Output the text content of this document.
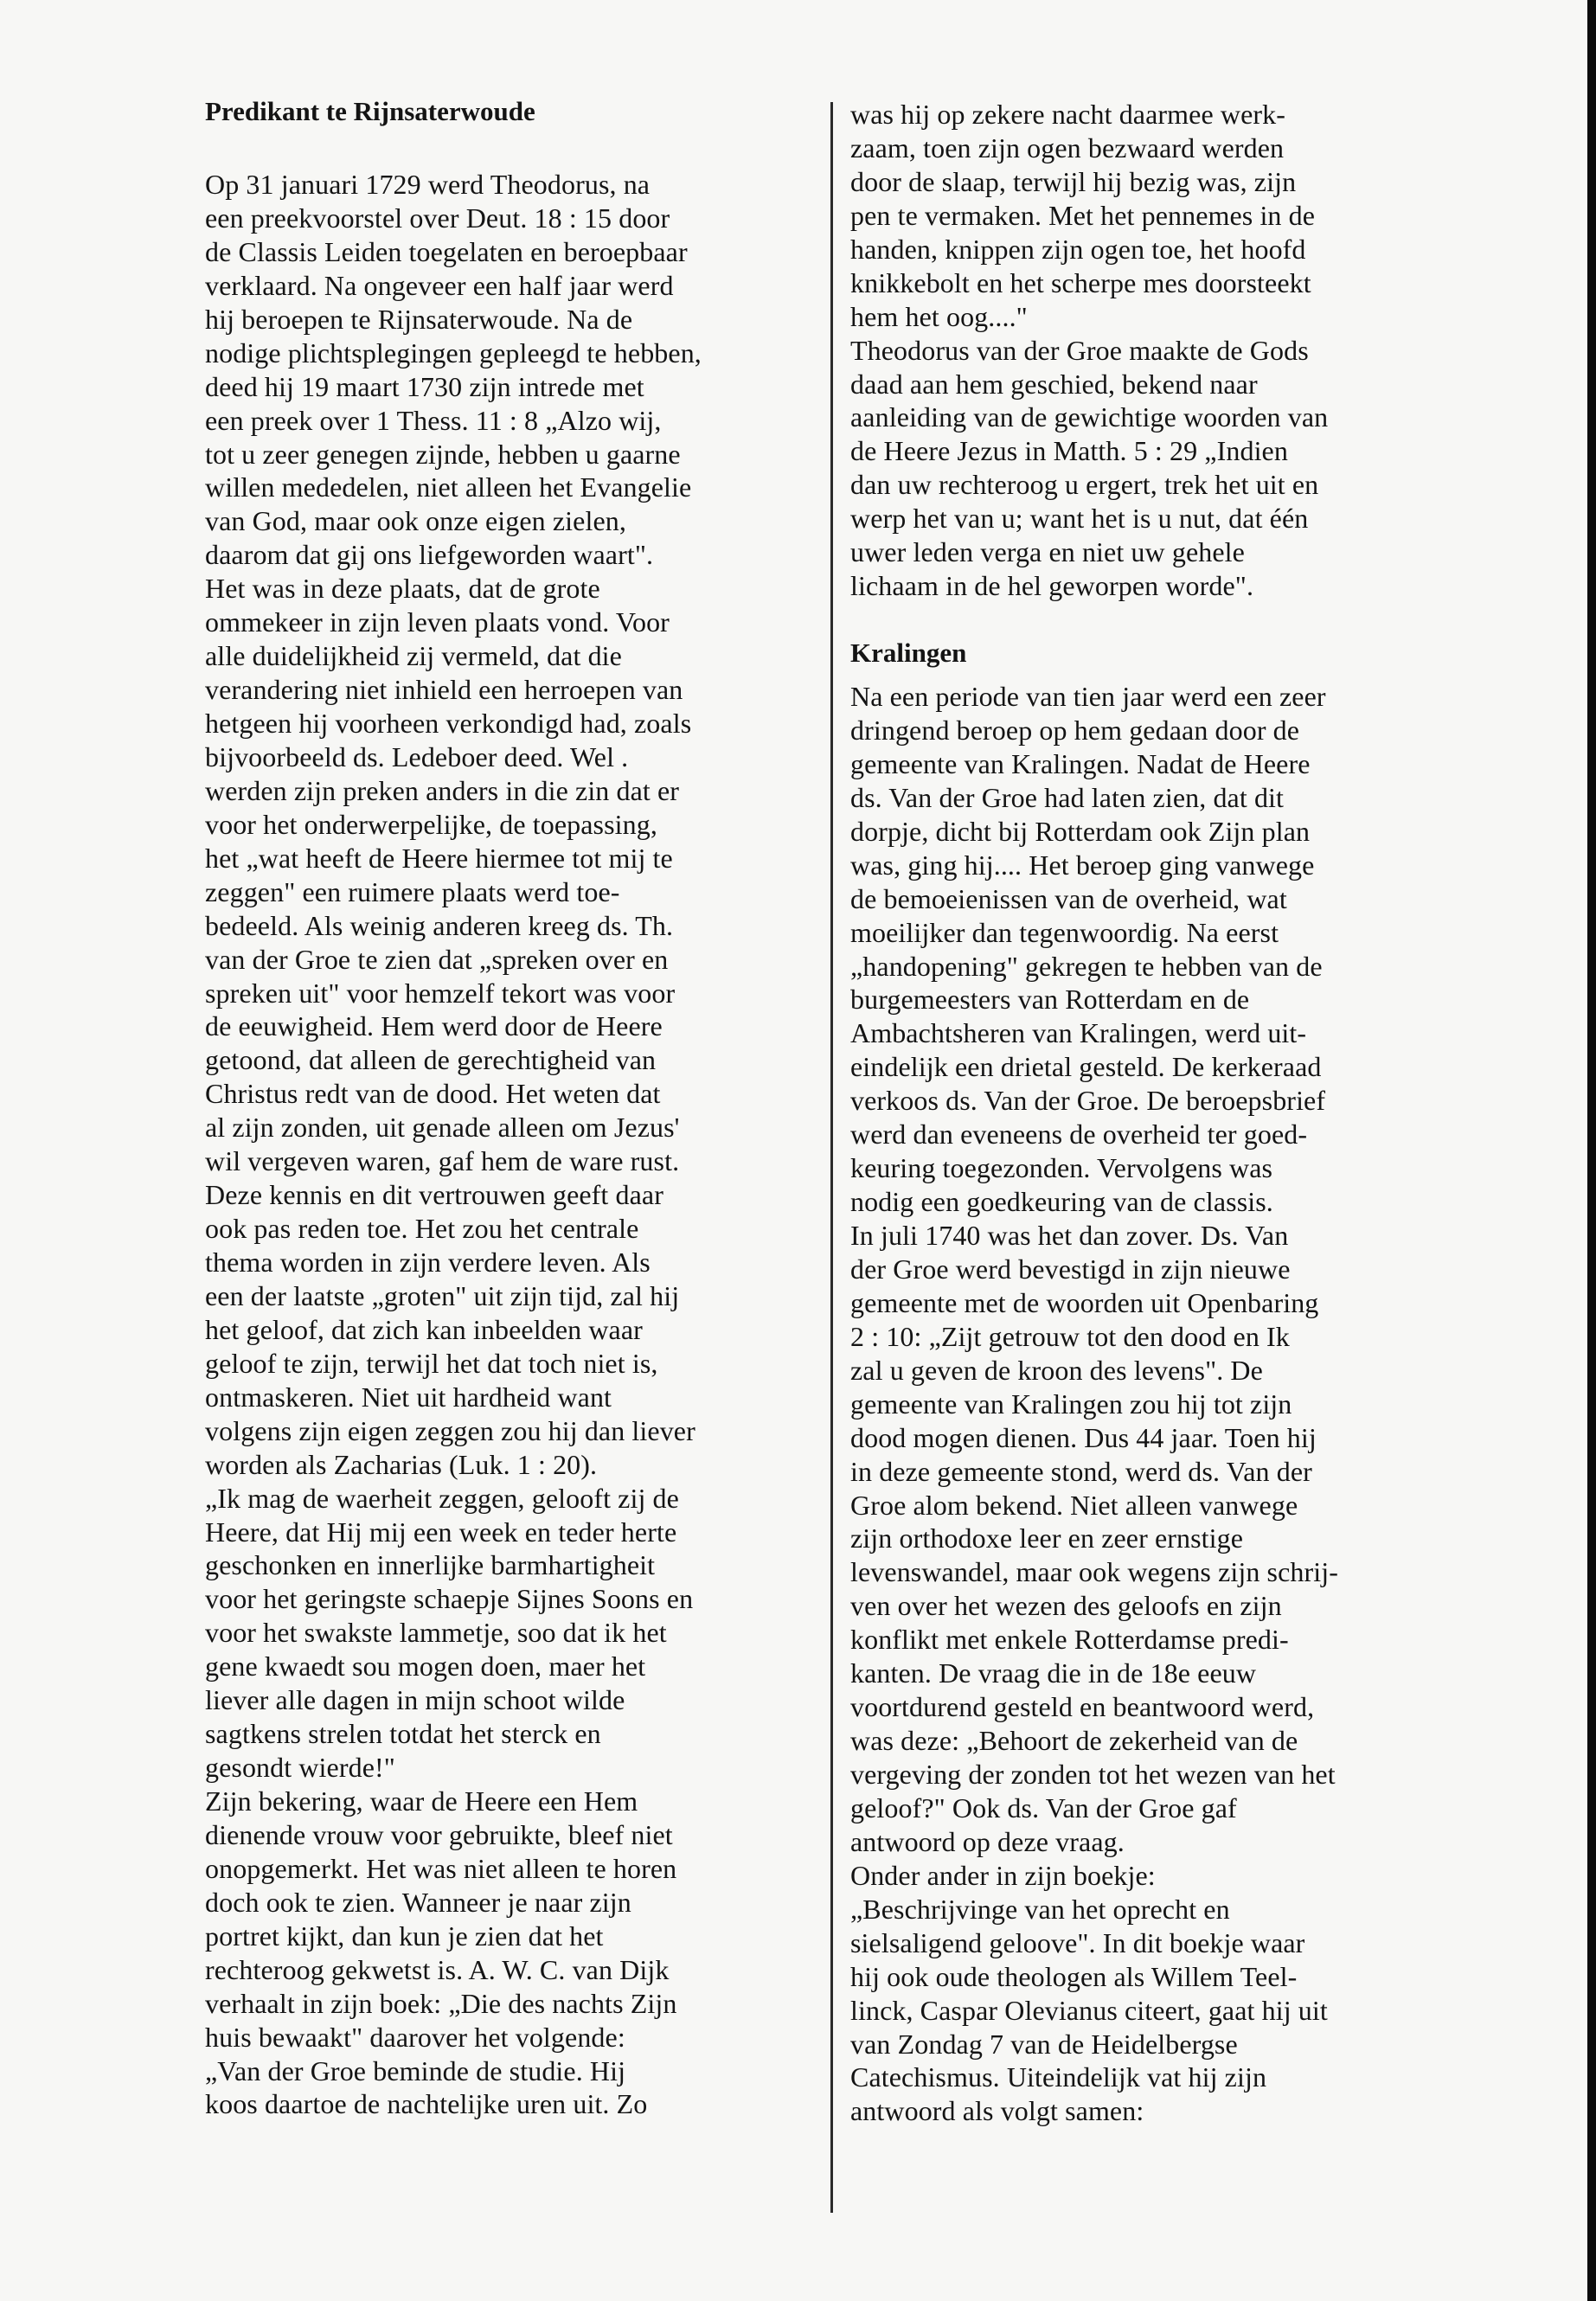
Predikant te Rijnsaterwoude
Op 31 januari 1729 werd Theodorus, na
een preekvoorstel over Deut. 18 : 15 door
de Classis Leiden toegelaten en beroepbaar
verklaard. Na ongeveer een half jaar werd
hij beroepen te Rijnsaterwoude. Na de
nodige plichtsplegingen gepleegd te hebben,
deed hij 19 maart 1730 zijn intrede met
een preek over 1 Thess. 11 : 8 „Alzo wij,
tot u zeer genegen zijnde, hebben u gaarne
willen mededelen, niet alleen het Evangelie
van God, maar ook onze eigen zielen,
daarom dat gij ons liefgeworden waart".
Het was in deze plaats, dat de grote
ommekeer in zijn leven plaats vond. Voor
alle duidelijkheid zij vermeld, dat die
verandering niet inhield een herroepen van
hetgeen hij voorheen verkondigd had, zoals
bijvoorbeeld ds. Ledeboer deed. Wel .
werden zijn preken anders in die zin dat er
voor het onderwerpelijke, de toepassing,
het „wat heeft de Heere hiermee tot mij te
zeggen" een ruimere plaats werd toe-
bedeeld. Als weinig anderen kreeg ds. Th.
van der Groe te zien dat „spreken over en
spreken uit" voor hemzelf tekort was voor
de eeuwigheid. Hem werd door de Heere
getoond, dat alleen de gerechtigheid van
Christus redt van de dood. Het weten dat
al zijn zonden, uit genade alleen om Jezus'
wil vergeven waren, gaf hem de ware rust.
Deze kennis en dit vertrouwen geeft daar
ook pas reden toe. Het zou het centrale
thema worden in zijn verdere leven. Als
een der laatste „groten" uit zijn tijd, zal hij
het geloof, dat zich kan inbeelden waar
geloof te zijn, terwijl het dat toch niet is,
ontmaskeren. Niet uit hardheid want
volgens zijn eigen zeggen zou hij dan liever
worden als Zacharias (Luk. 1 : 20).
„Ik mag de waerheit zeggen, gelooft zij de
Heere, dat Hij mij een week en teder herte
geschonken en innerlijke barmhartigheit
voor het geringste schaepje Sijnes Soons en
voor het swakste lammetje, soo dat ik het
gene kwaedt sou mogen doen, maer het
liever alle dagen in mijn schoot wilde
sagtkens strelen totdat het sterck en
gesondt wierde!"
Zijn bekering, waar de Heere een Hem
dienende vrouw voor gebruikte, bleef niet
onopgemerkt. Het was niet alleen te horen
doch ook te zien. Wanneer je naar zijn
portret kijkt, dan kun je zien dat het
rechteroog gekwetst is. A. W. C. van Dijk
verhaalt in zijn boek: „Die des nachts Zijn
huis bewaakt" daarover het volgende:
„Van der Groe beminde de studie. Hij
koos daartoe de nachtelijke uren uit. Zo
was hij op zekere nacht daarmee werk-
zaam, toen zijn ogen bezwaard werden
door de slaap, terwijl hij bezig was, zijn
pen te vermaken. Met het pennemes in de
handen, knippen zijn ogen toe, het hoofd
knikkebolt en het scherpe mes doorsteekt
hem het oog...."
Theodorus van der Groe maakte de Gods
daad aan hem geschied, bekend naar
aanleiding van de gewichtige woorden van
de Heere Jezus in Matth. 5 : 29 „Indien
dan uw rechteroog u ergert, trek het uit en
werp het van u; want het is u nut, dat één
uwer leden verga en niet uw gehele
lichaam in de hel geworpen worde".
Kralingen
Na een periode van tien jaar werd een zeer
dringend beroep op hem gedaan door de
gemeente van Kralingen. Nadat de Heere
ds. Van der Groe had laten zien, dat dit
dorpje, dicht bij Rotterdam ook Zijn plan
was, ging hij.... Het beroep ging vanwege
de bemoeienissen van de overheid, wat
moeilijker dan tegenwoordig. Na eerst
„handopening" gekregen te hebben van de
burgemeesters van Rotterdam en de
Ambachtsheren van Kralingen, werd uit-
eindelijk een drietal gesteld. De kerkeraad
verkoos ds. Van der Groe. De beroepsbrief
werd dan eveneens de overheid ter goed-
keuring toegezonden. Vervolgens was
nodig een goedkeuring van de classis.
In juli 1740 was het dan zover. Ds. Van
der Groe werd bevestigd in zijn nieuwe
gemeente met de woorden uit Openbaring
2 : 10: „Zijt getrouw tot den dood en Ik
zal u geven de kroon des levens". De
gemeente van Kralingen zou hij tot zijn
dood mogen dienen. Dus 44 jaar. Toen hij
in deze gemeente stond, werd ds. Van der
Groe alom bekend. Niet alleen vanwege
zijn orthodoxe leer en zeer ernstige
levenswandel, maar ook wegens zijn schrij-
ven over het wezen des geloofs en zijn
konflikt met enkele Rotterdamse predi-
kanten. De vraag die in de 18e eeuw
voortdurend gesteld en beantwoord werd,
was deze: „Behoort de zekerheid van de
vergeving der zonden tot het wezen van het
geloof?" Ook ds. Van der Groe gaf
antwoord op deze vraag.
Onder ander in zijn boekje:
„Beschrijvinge van het oprecht en
sielsaligend geloove". In dit boekje waar
hij ook oude theologen als Willem Teel-
linck, Caspar Olevianus citeert, gaat hij uit
van Zondag 7 van de Heidelbergse
Catechismus. Uiteindelijk vat hij zijn
antwoord als volgt samen:
